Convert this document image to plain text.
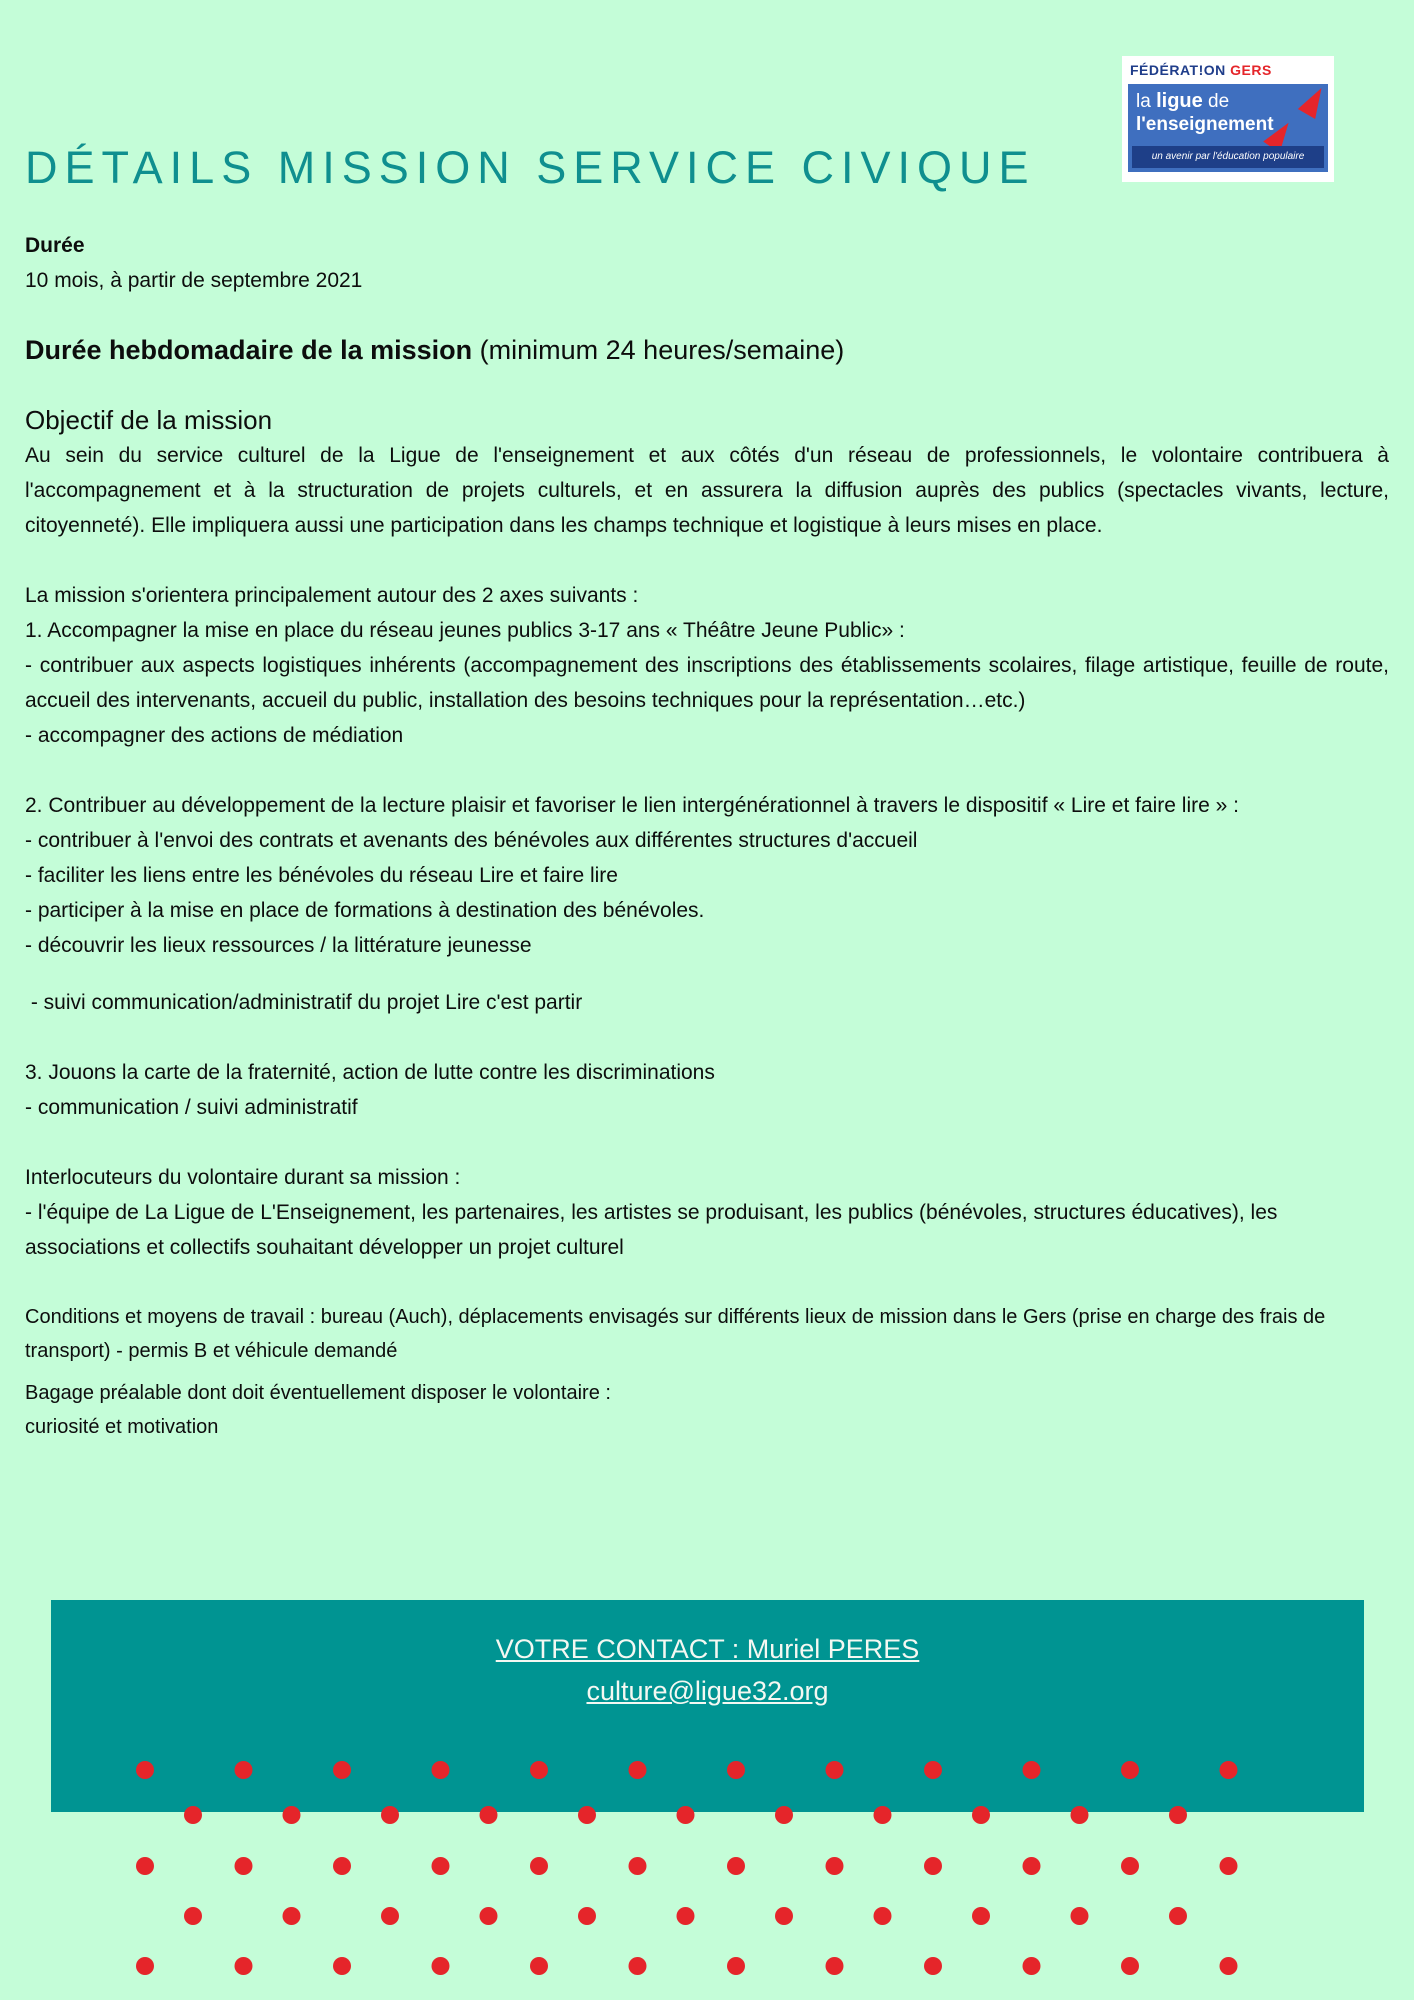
FÉDÉRAT!ON GERS
la ligue de
l'enseignement
un avenir par l'éducation populaire
DÉTAILS MISSION SERVICE CIVIQUE

Durée

10 mois, à partir de septembre 2021

Durée hebdomadaire de la mission (minimum 24 heures/semaine)

Objectif de la mission

Au sein du service culturel de la Ligue de l'enseignement et aux côtés d'un réseau de professionnels, le volontaire contribuera à l'accompagnement et à la structuration de projets culturels, et en assurera la diffusion auprès des publics (spectacles vivants, lecture, citoyenneté). Elle impliquera aussi une participation dans les champs technique et logistique à leurs mises en place.

La mission s'orientera principalement autour des 2 axes suivants :

1. Accompagner la mise en place du réseau jeunes publics 3-17 ans « Théâtre Jeune Public» :

- contribuer aux aspects logistiques inhérents (accompagnement des inscriptions des établissements scolaires, filage artistique, feuille de route, accueil des intervenants, accueil du public, installation des besoins techniques pour la représentation…etc.)

- accompagner des actions de médiation

2. Contribuer au développement de la lecture plaisir et favoriser le lien intergénérationnel à travers le dispositif « Lire et faire lire » :

- contribuer à l'envoi des contrats et avenants des bénévoles aux différentes structures d'accueil

- faciliter les liens entre les bénévoles du réseau Lire et faire lire

- participer à la mise en place de formations à destination des bénévoles.

- découvrir les lieux ressources / la littérature jeunesse

- suivi communication/administratif du projet Lire c'est partir

3. Jouons la carte de la fraternité, action de lutte contre les discriminations

- communication / suivi administratif

Interlocuteurs du volontaire durant sa mission :

- l'équipe de La Ligue de L'Enseignement, les partenaires, les artistes se produisant, les publics (bénévoles, structures éducatives), les associations et collectifs souhaitant développer un projet culturel

Conditions et moyens de travail : bureau (Auch), déplacements envisagés sur différents lieux de mission dans le Gers (prise en charge des frais de transport) - permis B et véhicule demandé

Bagage préalable dont doit éventuellement disposer le volontaire :

curiosité et motivation

VOTRE CONTACT : Muriel PERES
culture@ligue32.org
